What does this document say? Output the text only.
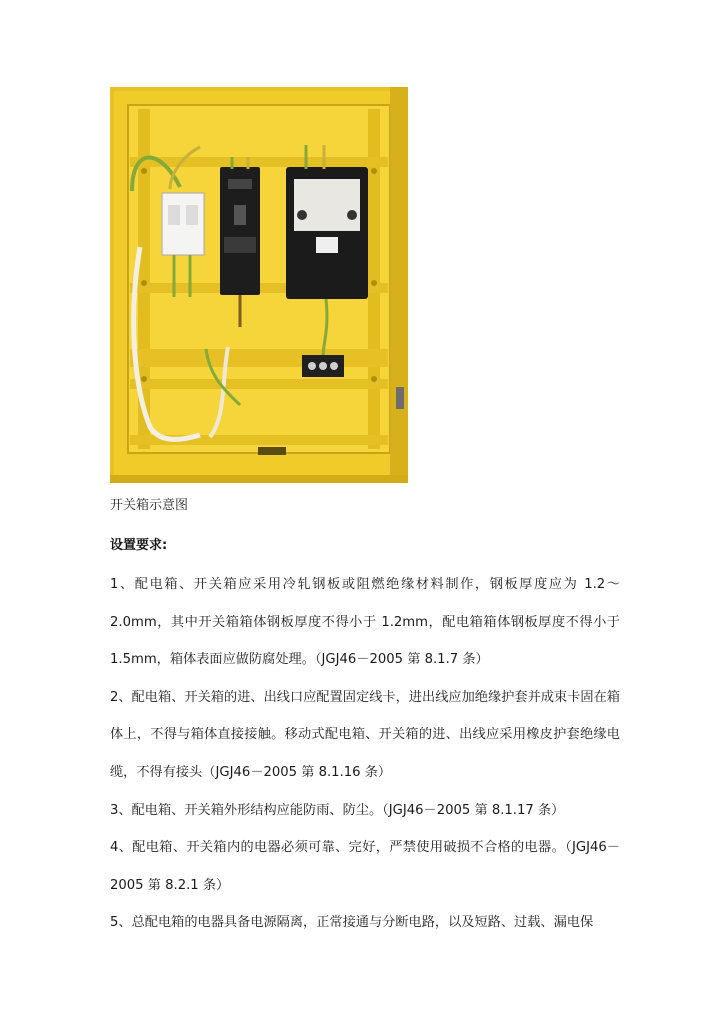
开关箱示意图
设置要求:

1、配电箱、开关箱应采用冷轧钢板或阻燃绝缘材料制作，钢板厚度应为 1.2～2.0mm，其中开关箱箱体钢板厚度不得小于 1.2mm，配电箱箱体钢板厚度不得小于 1.5mm，箱体表面应做防腐处理。（JGJ46－2005 第 8.1.7 条）

2、配电箱、开关箱的进、出线口应配置固定线卡，进出线应加绝缘护套并成束卡固在箱体上，不得与箱体直接接触。移动式配电箱、开关箱的进、出线应采用橡皮护套绝缘电缆，不得有接头（JGJ46－2005 第 8.1.16 条）

3、配电箱、开关箱外形结构应能防雨、防尘。（JGJ46－2005 第 8.1.17 条）

4、配电箱、开关箱内的电器必须可靠、完好，严禁使用破损不合格的电器。（JGJ46－2005 第 8.2.1 条）

5、总配电箱的电器具备电源隔离，正常接通与分断电路，以及短路、过载、漏电保
